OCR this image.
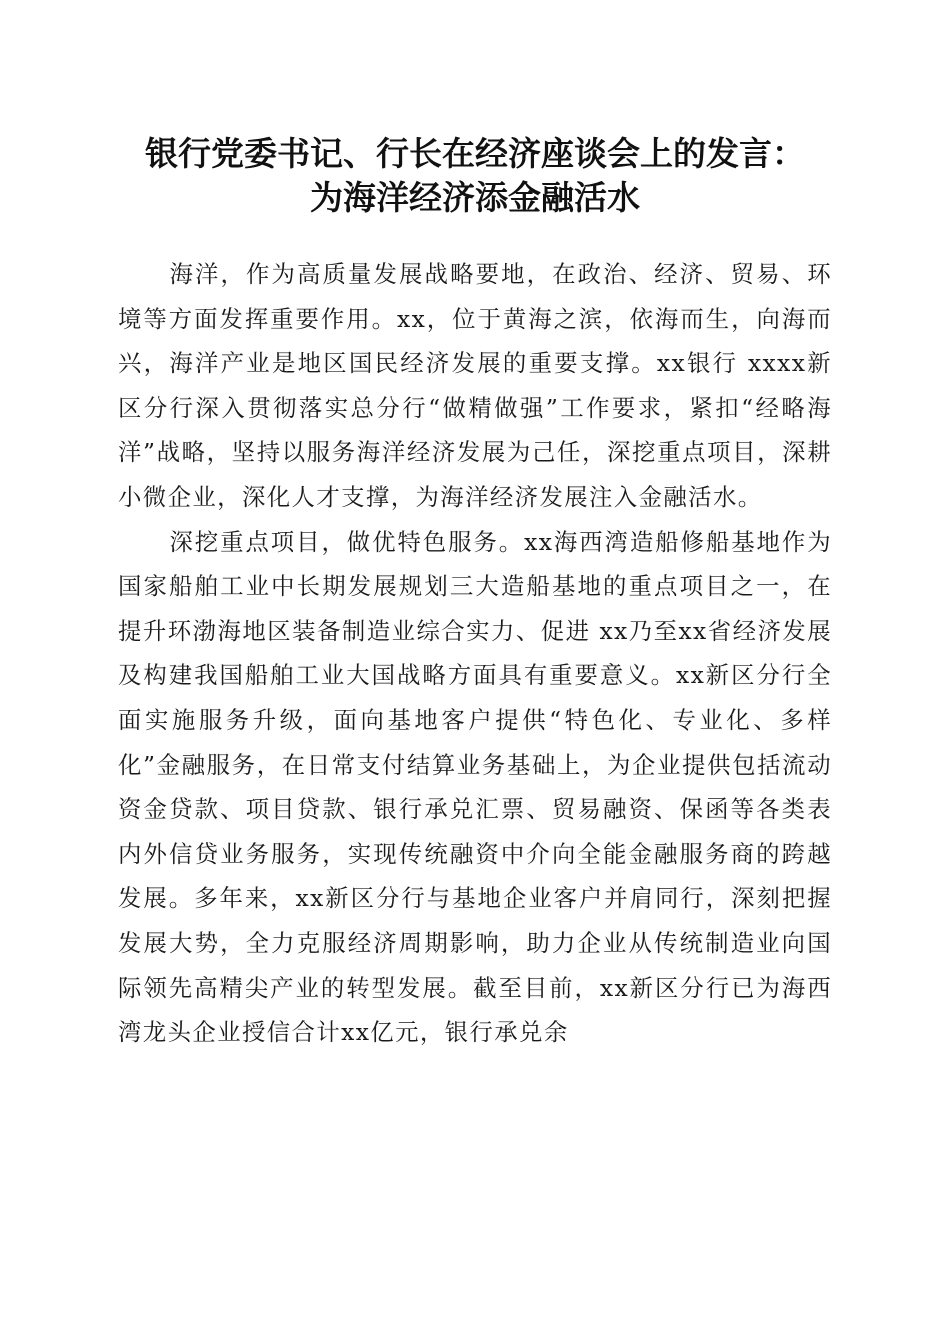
银行党委书记、行长在经济座谈会上的发言：
为海洋经济添金融活水

海洋，作为高质量发展战略要地，在政治、经济、贸易、环境等方面发挥重要作用。xx，位于黄海之滨，依海而生，向海而兴，海洋产业是地区国民经济发展的重要支撑。xx银行 xxxx新区分行深入贯彻落实总分行“做精做强”工作要求，紧扣“经略海洋”战略，坚持以服务海洋经济发展为己任，深挖重点项目，深耕小微企业，深化人才支撑，为海洋经济发展注入金融活水。

深挖重点项目，做优特色服务。xx海西湾造船修船基地作为国家船舶工业中长期发展规划三大造船基地的重点项目之一，在提升环渤海地区装备制造业综合实力、促进 xx乃至xx省经济发展及构建我国船舶工业大国战略方面具有重要意义。xx新区分行全面实施服务升级，面向基地客户提供“特色化、专业化、多样化”金融服务，在日常支付结算业务基础上，为企业提供包括流动资金贷款、项目贷款、银行承兑汇票、贸易融资、保函等各类表内外信贷业务服务，实现传统融资中介向全能金融服务商的跨越发展。多年来，xx新区分行与基地企业客户并肩同行，深刻把握发展大势，全力克服经济周期影响，助力企业从传统制造业向国际领先高精尖产业的转型发展。截至目前，xx新区分行已为海西湾龙头企业授信合计xx亿元，银行承兑余
